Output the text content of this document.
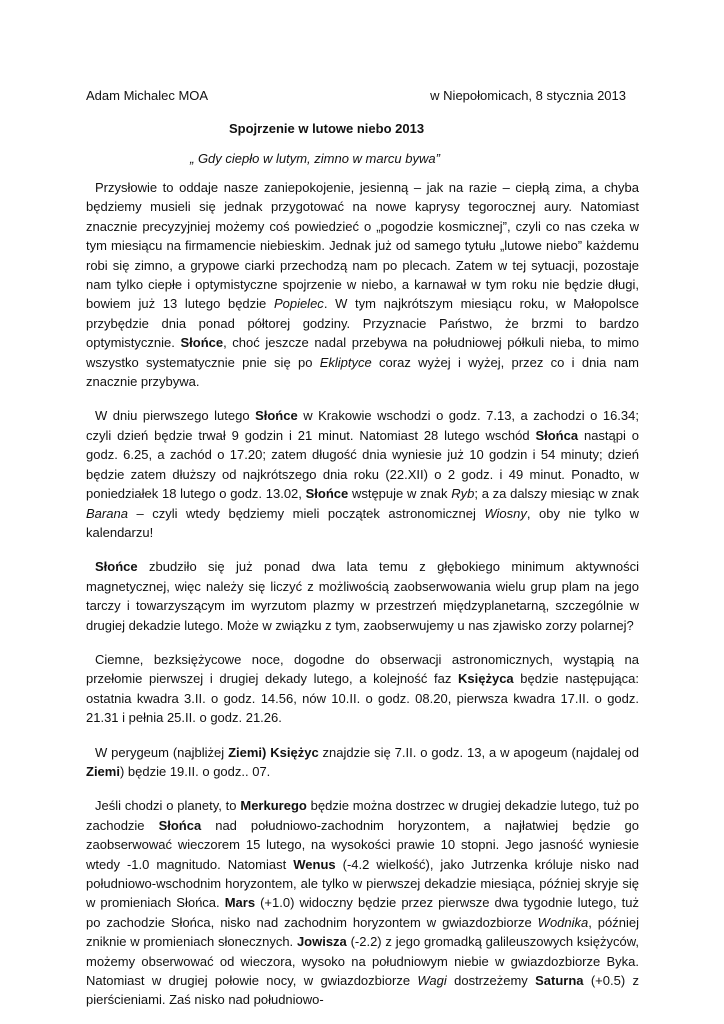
Adam Michalec MOA	w Niepołomicach, 8 stycznia 2013
Spojrzenie w lutowe niebo 2013
„ Gdy ciepło w lutym, zimno w marcu bywa”

Przysłowie to oddaje nasze zaniepokojenie, jesienną – jak na razie – ciepłą zima, a chyba będziemy musieli się jednak przygotować na nowe kaprysy tegorocznej aury. Natomiast znacznie precyzyjniej możemy coś powiedzieć o „pogodzie kosmicznej”, czyli co nas czeka w tym miesiącu na firmamencie niebieskim. Jednak już od samego tytułu „lutowe niebo” każdemu robi się zimno, a grypowe ciarki przechodzą nam po plecach. Zatem w tej sytuacji, pozostaje nam tylko ciepłe i optymistyczne spojrzenie w niebo, a karnawał w tym roku nie będzie długi, bowiem już 13 lutego będzie Popielec. W tym najkrótszym miesiącu roku, w Małopolsce przybędzie dnia ponad półtorej godziny. Przyznacie Państwo, że brzmi to bardzo optymistycznie. Słońce, choć jeszcze nadal przebywa na południowej półkuli nieba, to mimo wszystko systematycznie pnie się po Ekliptyce coraz wyżej i wyżej, przez co i dnia nam znacznie przybywa.

W dniu pierwszego lutego Słońce w Krakowie wschodzi o godz. 7.13, a zachodzi o 16.34; czyli dzień będzie trwał 9 godzin i 21 minut. Natomiast 28 lutego wschód Słońca nastąpi o godz. 6.25, a zachód o 17.20; zatem długość dnia wyniesie już 10 godzin i 54 minuty; dzień będzie zatem dłuższy od najkrótszego dnia roku (22.XII) o 2 godz. i 49 minut. Ponadto, w poniedziałek 18 lutego o godz. 13.02, Słońce wstępuje w znak Ryb; a za dalszy miesiąc w znak Barana – czyli wtedy będziemy mieli początek astronomicznej Wiosny, oby nie tylko w kalendarzu!

Słońce zbudziło się już ponad dwa lata temu z głębokiego minimum aktywności magnetycznej, więc należy się liczyć z możliwością zaobserwowania wielu grup plam na jego tarczy i towarzyszącym im wyrzutom plazmy w przestrzeń międzyplanetarną, szczególnie w drugiej dekadzie lutego. Może w związku z tym, zaobserwujemy u nas zjawisko zorzy polarnej?

Ciemne, bezksiężycowe noce, dogodne do obserwacji astronomicznych, wystąpią na przełomie pierwszej i drugiej dekady lutego, a kolejność faz Księżyca będzie następująca: ostatnia kwadra 3.II. o godz. 14.56, nów 10.II. o godz. 08.20, pierwsza kwadra 17.II. o godz. 21.31 i pełnia 25.II. o godz. 21.26.

W perygeum (najbliżej Ziemi) Księżyc znajdzie się 7.II. o godz. 13, a w apogeum (najdalej od Ziemi) będzie 19.II. o godz.. 07.

Jeśli chodzi o planety, to Merkurego będzie można dostrzec w drugiej dekadzie lutego, tuż po zachodzie Słońca nad południowo-zachodnim horyzontem, a najłatwiej będzie go zaobserwować wieczorem 15 lutego, na wysokości prawie 10 stopni. Jego jasność wyniesie wtedy -1.0 magnitudo. Natomiast Wenus (-4.2 wielkość), jako Jutrzenka króluje nisko nad południowo-wschodnim horyzontem, ale tylko w pierwszej dekadzie miesiąca, później skryje się w promieniach Słońca. Mars (+1.0) widoczny będzie przez pierwsze dwa tygodnie lutego, tuż po zachodzie Słońca, nisko nad zachodnim horyzontem w gwiazdozbiorze Wodnika, później zniknie w promieniach słonecznych. Jowisza (-2.2) z jego gromadką galileuszowych księżyców, możemy obserwować od wieczora, wysoko na południowym niebie w gwiazdozbiorze Byka. Natomiast w drugiej połowie nocy, w gwiazdozbiorze Wagi dostrzeżemy Saturna (+0.5) z pierścieniami. Zaś nisko nad południowo-
